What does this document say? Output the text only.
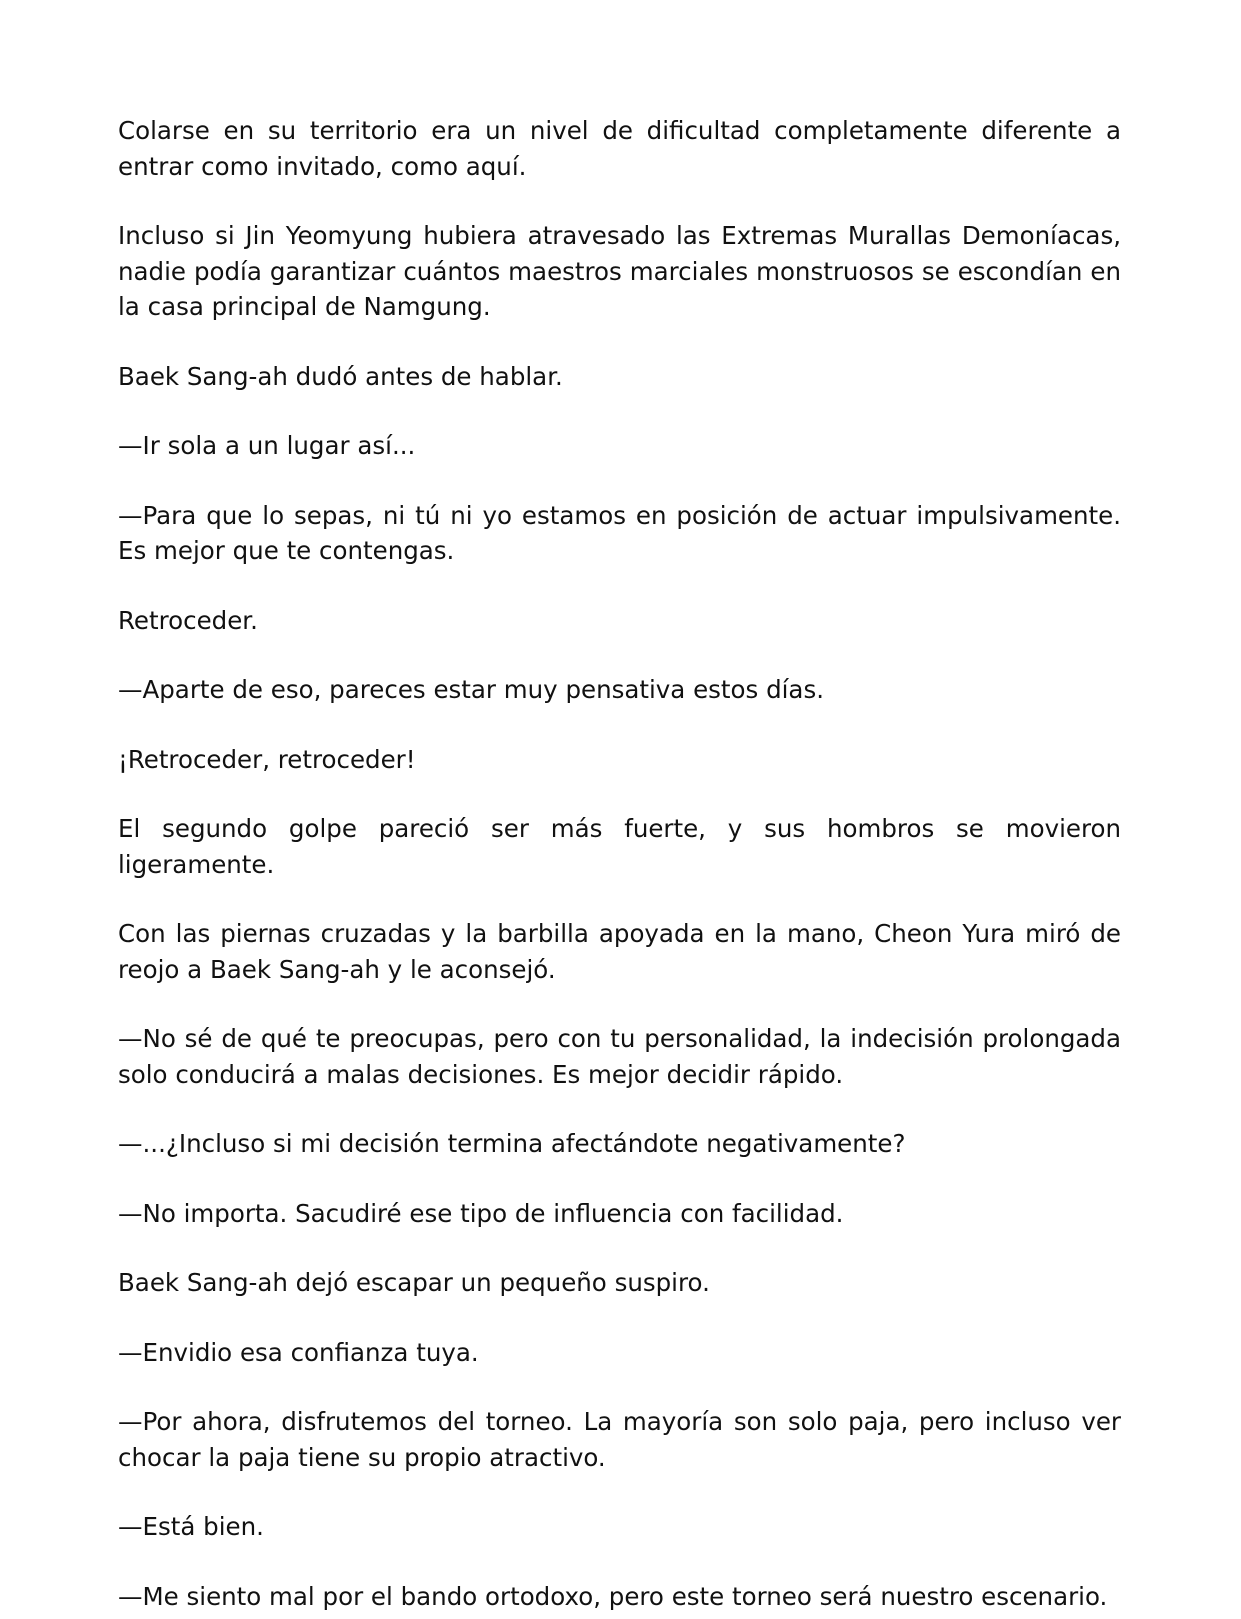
Colarse en su territorio era un nivel de dificultad completamente diferente a entrar como invitado, como aquí.

Incluso si Jin Yeomyung hubiera atravesado las Extremas Murallas Demoníacas, nadie podía garantizar cuántos maestros marciales monstruosos se escondían en la casa principal de Namgung.

Baek Sang-ah dudó antes de hablar.

—Ir sola a un lugar así...

—Para que lo sepas, ni tú ni yo estamos en posición de actuar impulsivamente. Es mejor que te contengas.

Retroceder.

—Aparte de eso, pareces estar muy pensativa estos días.

¡Retroceder, retroceder!

El segundo golpe pareció ser más fuerte, y sus hombros se movieron ligeramente.

Con las piernas cruzadas y la barbilla apoyada en la mano, Cheon Yura miró de reojo a Baek Sang-ah y le aconsejó.

—No sé de qué te preocupas, pero con tu personalidad, la indecisión prolongada solo conducirá a malas decisiones. Es mejor decidir rápido.

—...¿Incluso si mi decisión termina afectándote negativamente?

—No importa. Sacudiré ese tipo de influencia con facilidad.

Baek Sang-ah dejó escapar un pequeño suspiro.

—Envidio esa confianza tuya.

—Por ahora, disfrutemos del torneo. La mayoría son solo paja, pero incluso ver chocar la paja tiene su propio atractivo.

—Está bien.

—Me siento mal por el bando ortodoxo, pero este torneo será nuestro escenario.
